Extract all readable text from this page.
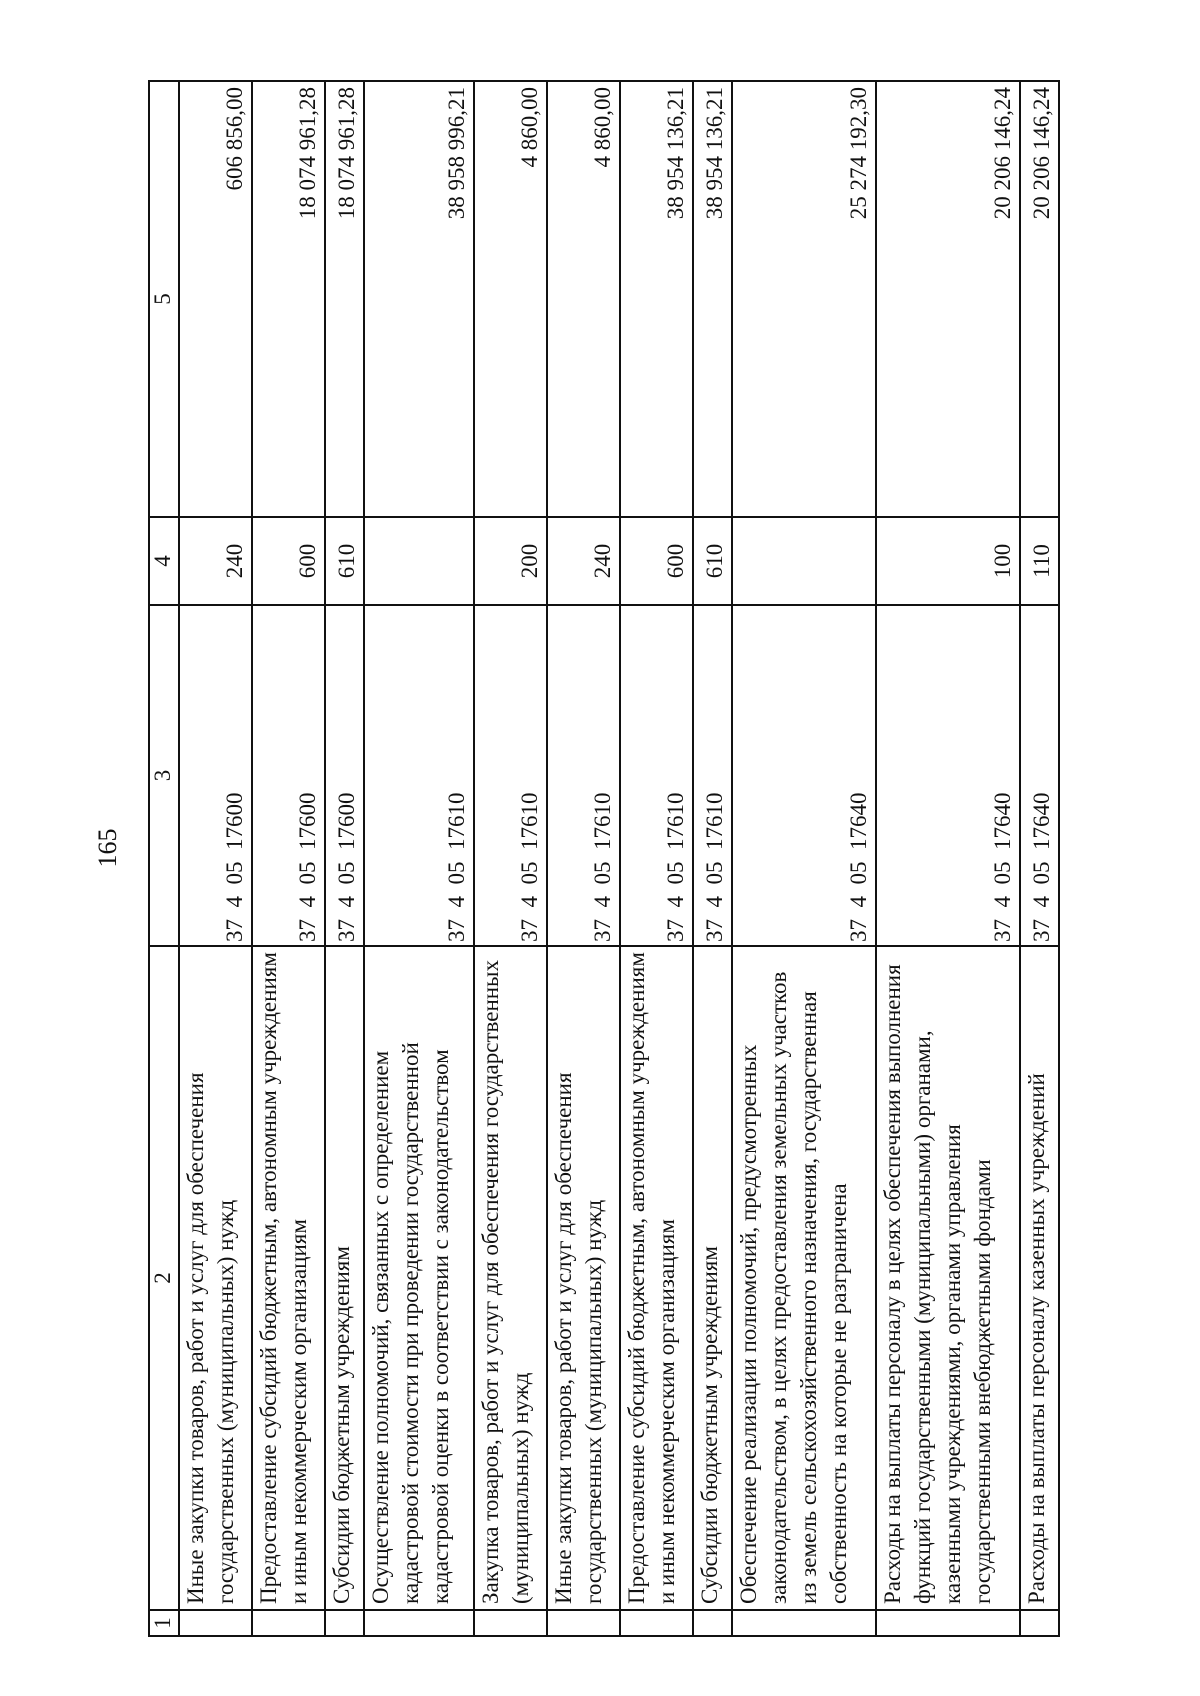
165
1	2	3	4	5
	Иные закупки товаров, работ и услуг для обеспечения государственных (муниципальных) нужд	37  4  05  17600	240	606 856,00
	Предоставление субсидий бюджетным, автономным учреждениям и иным некоммерческим организациям	37  4  05  17600	600	18 074 961,28
	Субсидии бюджетным учреждениям	37  4  05  17600	610	18 074 961,28
	Осуществление полномочий, связанных с определением кадастровой стоимости при проведении государственной кадастровой оценки в соответствии с законодательством	37  4  05  17610		38 958 996,21
	Закупка товаров, работ и услуг для обеспечения государственных (муниципальных) нужд	37  4  05  17610	200	4 860,00
	Иные закупки товаров, работ и услуг для обеспечения государственных (муниципальных) нужд	37  4  05  17610	240	4 860,00
	Предоставление субсидий бюджетным, автономным учреждениям и иным некоммерческим организациям	37  4  05  17610	600	38 954 136,21
	Субсидии бюджетным учреждениям	37  4  05  17610	610	38 954 136,21
	Обеспечение реализации полномочий, предусмотренных законодательством, в целях предоставления земельных участков из земель сельскохозяйственного назначения, государственная собственность на которые не разграничена	37  4  05  17640		25 274 192,30
	Расходы на выплаты персоналу в целях обеспечения выполнения функций государственными (муниципальными) органами, казенными учреждениями, органами управления государственными внебюджетными фондами	37  4  05  17640	100	20 206 146,24
	Расходы на выплаты персоналу казенных учреждений	37  4  05  17640	110	20 206 146,24
